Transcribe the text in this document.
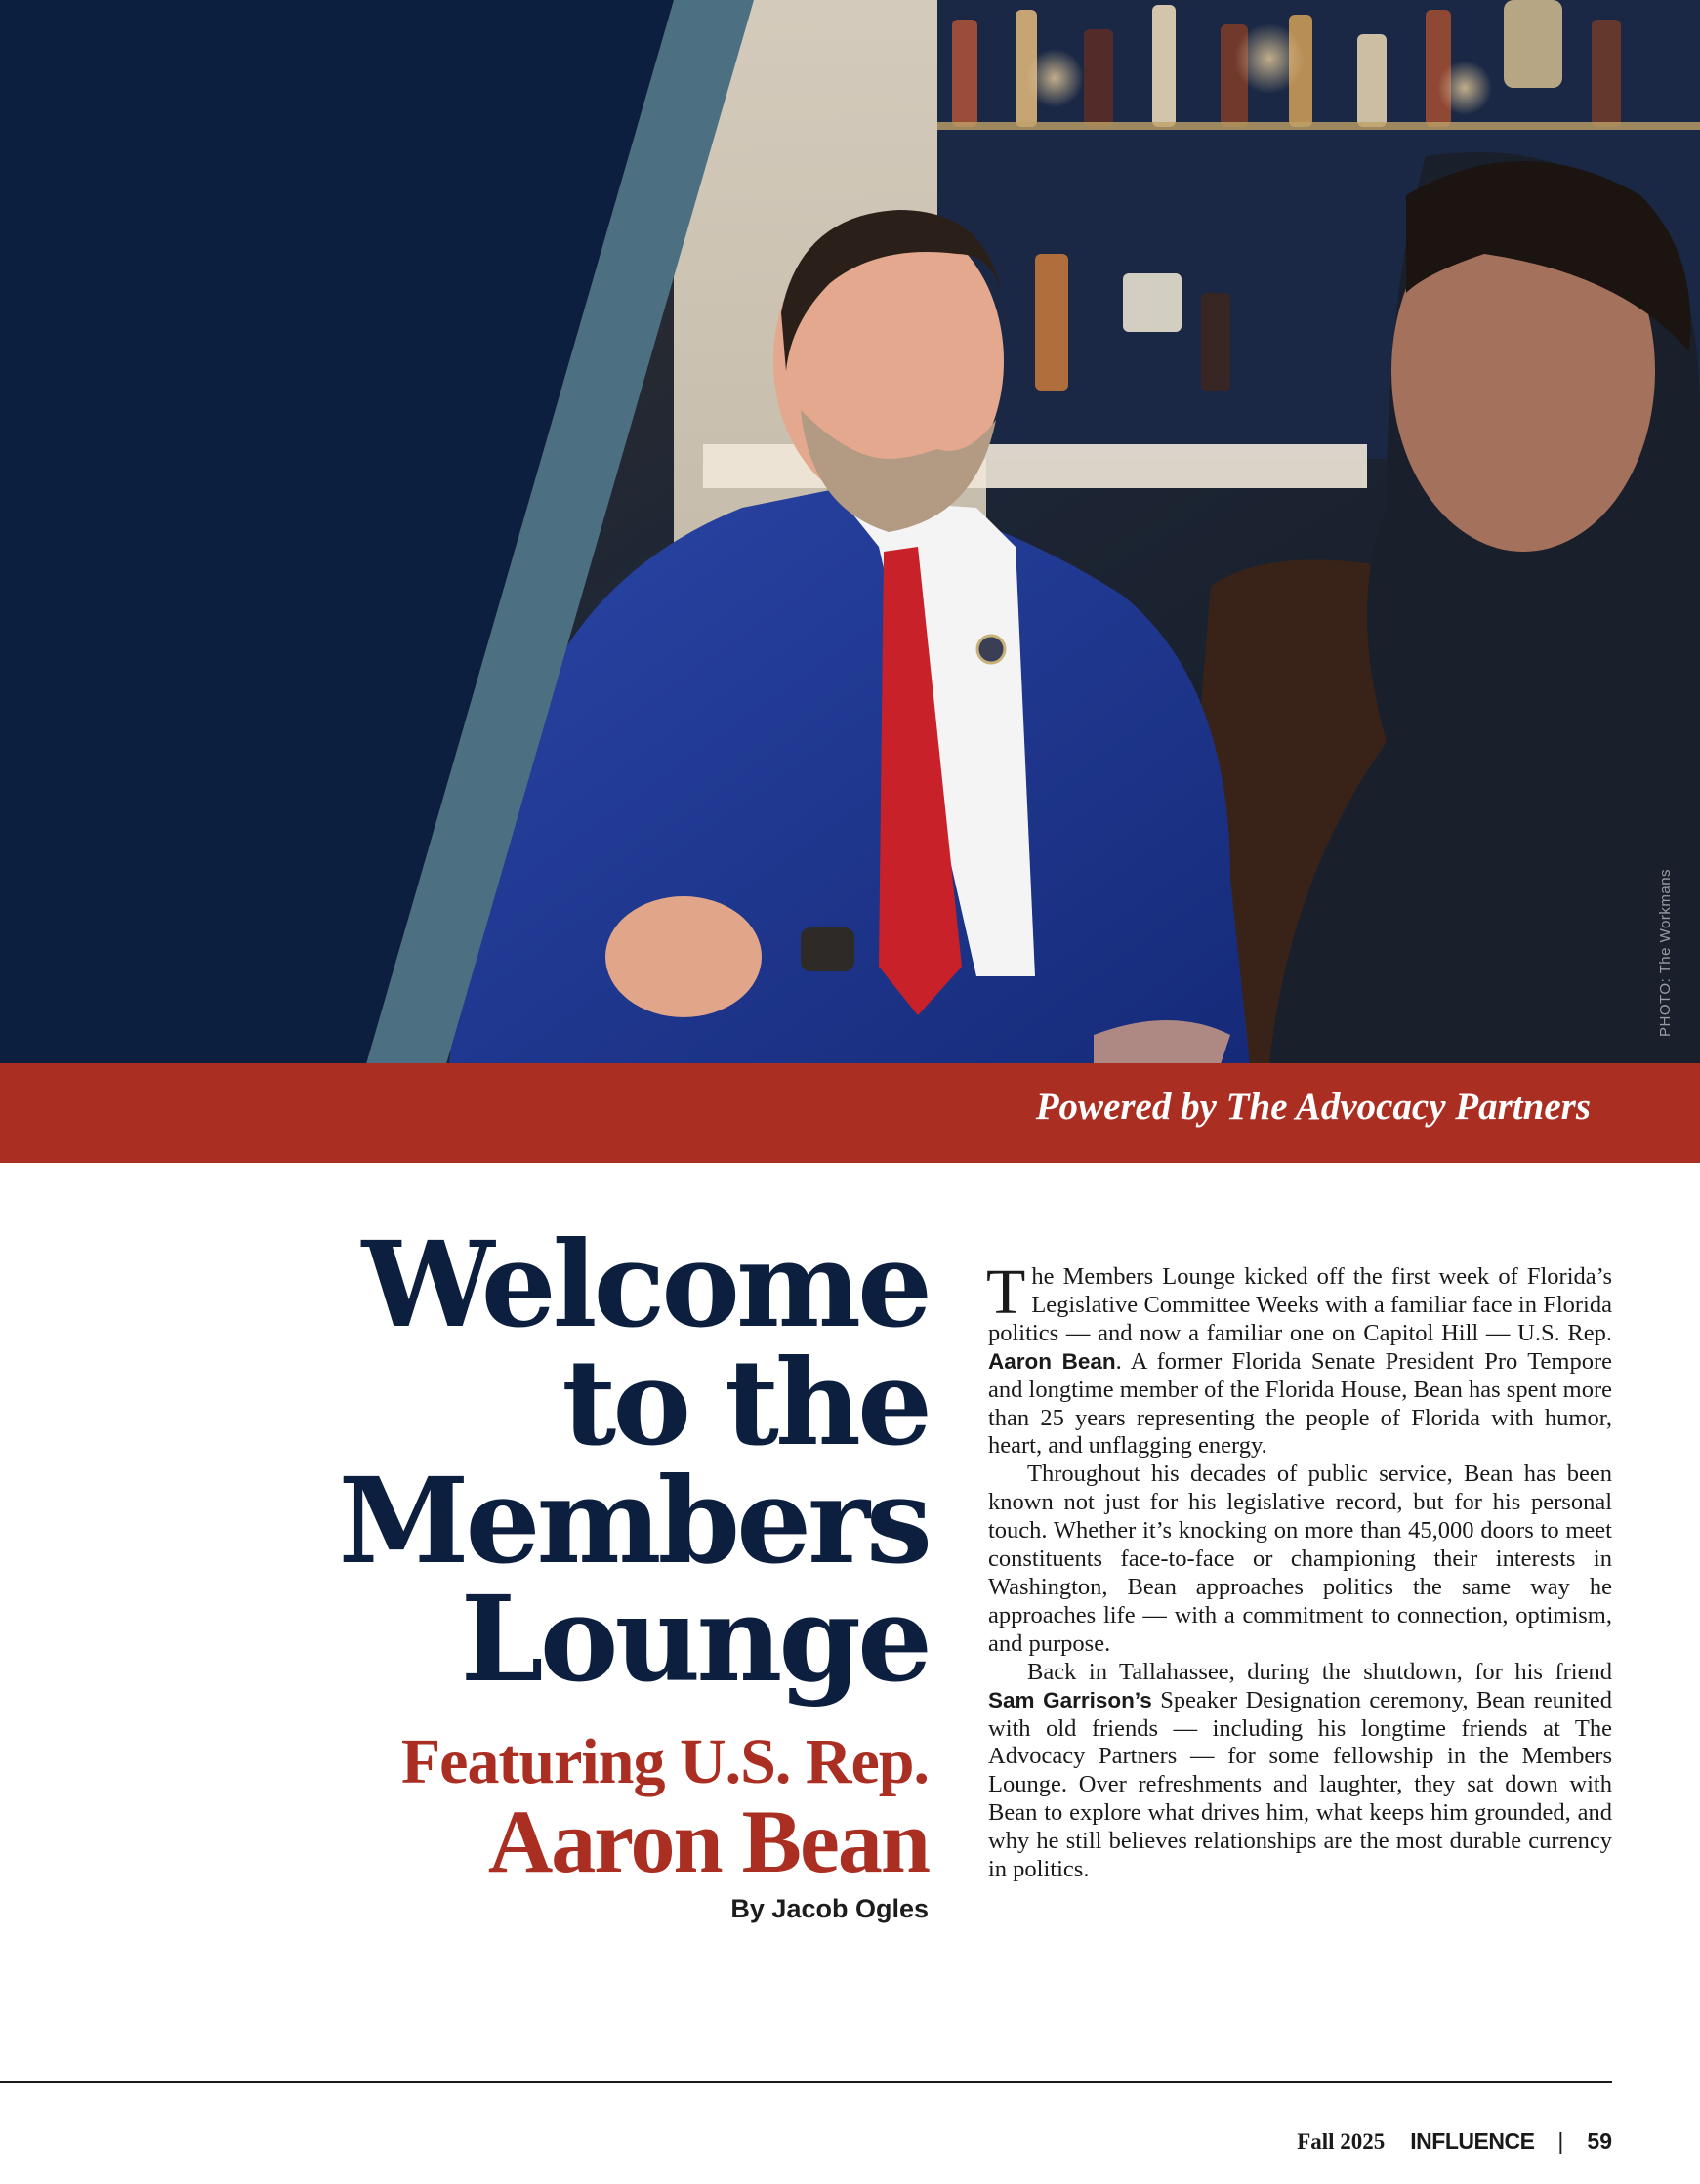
PHOTO: The Workmans
Powered by The Advocacy Partners
Welcome
to the
Members
Lounge
Featuring U.S. Rep.
Aaron Bean
By Jacob Ogles

The Members Lounge kicked off the first week of Florida’s Legislative Committee Weeks with a familiar face in Florida politics — and now a familiar one on Capitol Hill — U.S. Rep. Aaron Bean. A former Florida Senate President Pro Tempore and longtime member of the Florida House, Bean has spent more than 25 years representing the people of Florida with humor, heart, and unflagging energy.

Throughout his decades of public service, Bean has been known not just for his legislative record, but for his personal touch. Whether it’s knocking on more than 45,000 doors to meet constituents face-to-face or championing their interests in Washington, Bean approaches politics the same way he approaches life — with a commitment to connection, optimism, and purpose.

Back in Tallahassee, during the shutdown, for his friend Sam Garrison’s Speaker Designation ceremony, Bean reunited with old friends — including his longtime friends at The Advocacy Partners — for some fellowship in the Members Lounge. Over refreshments and laughter, they sat down with Bean to explore what drives him, what keeps him grounded, and why he still believes relationships are the most durable currency in politics.

Fall 2025 INFLUENCE | 59
